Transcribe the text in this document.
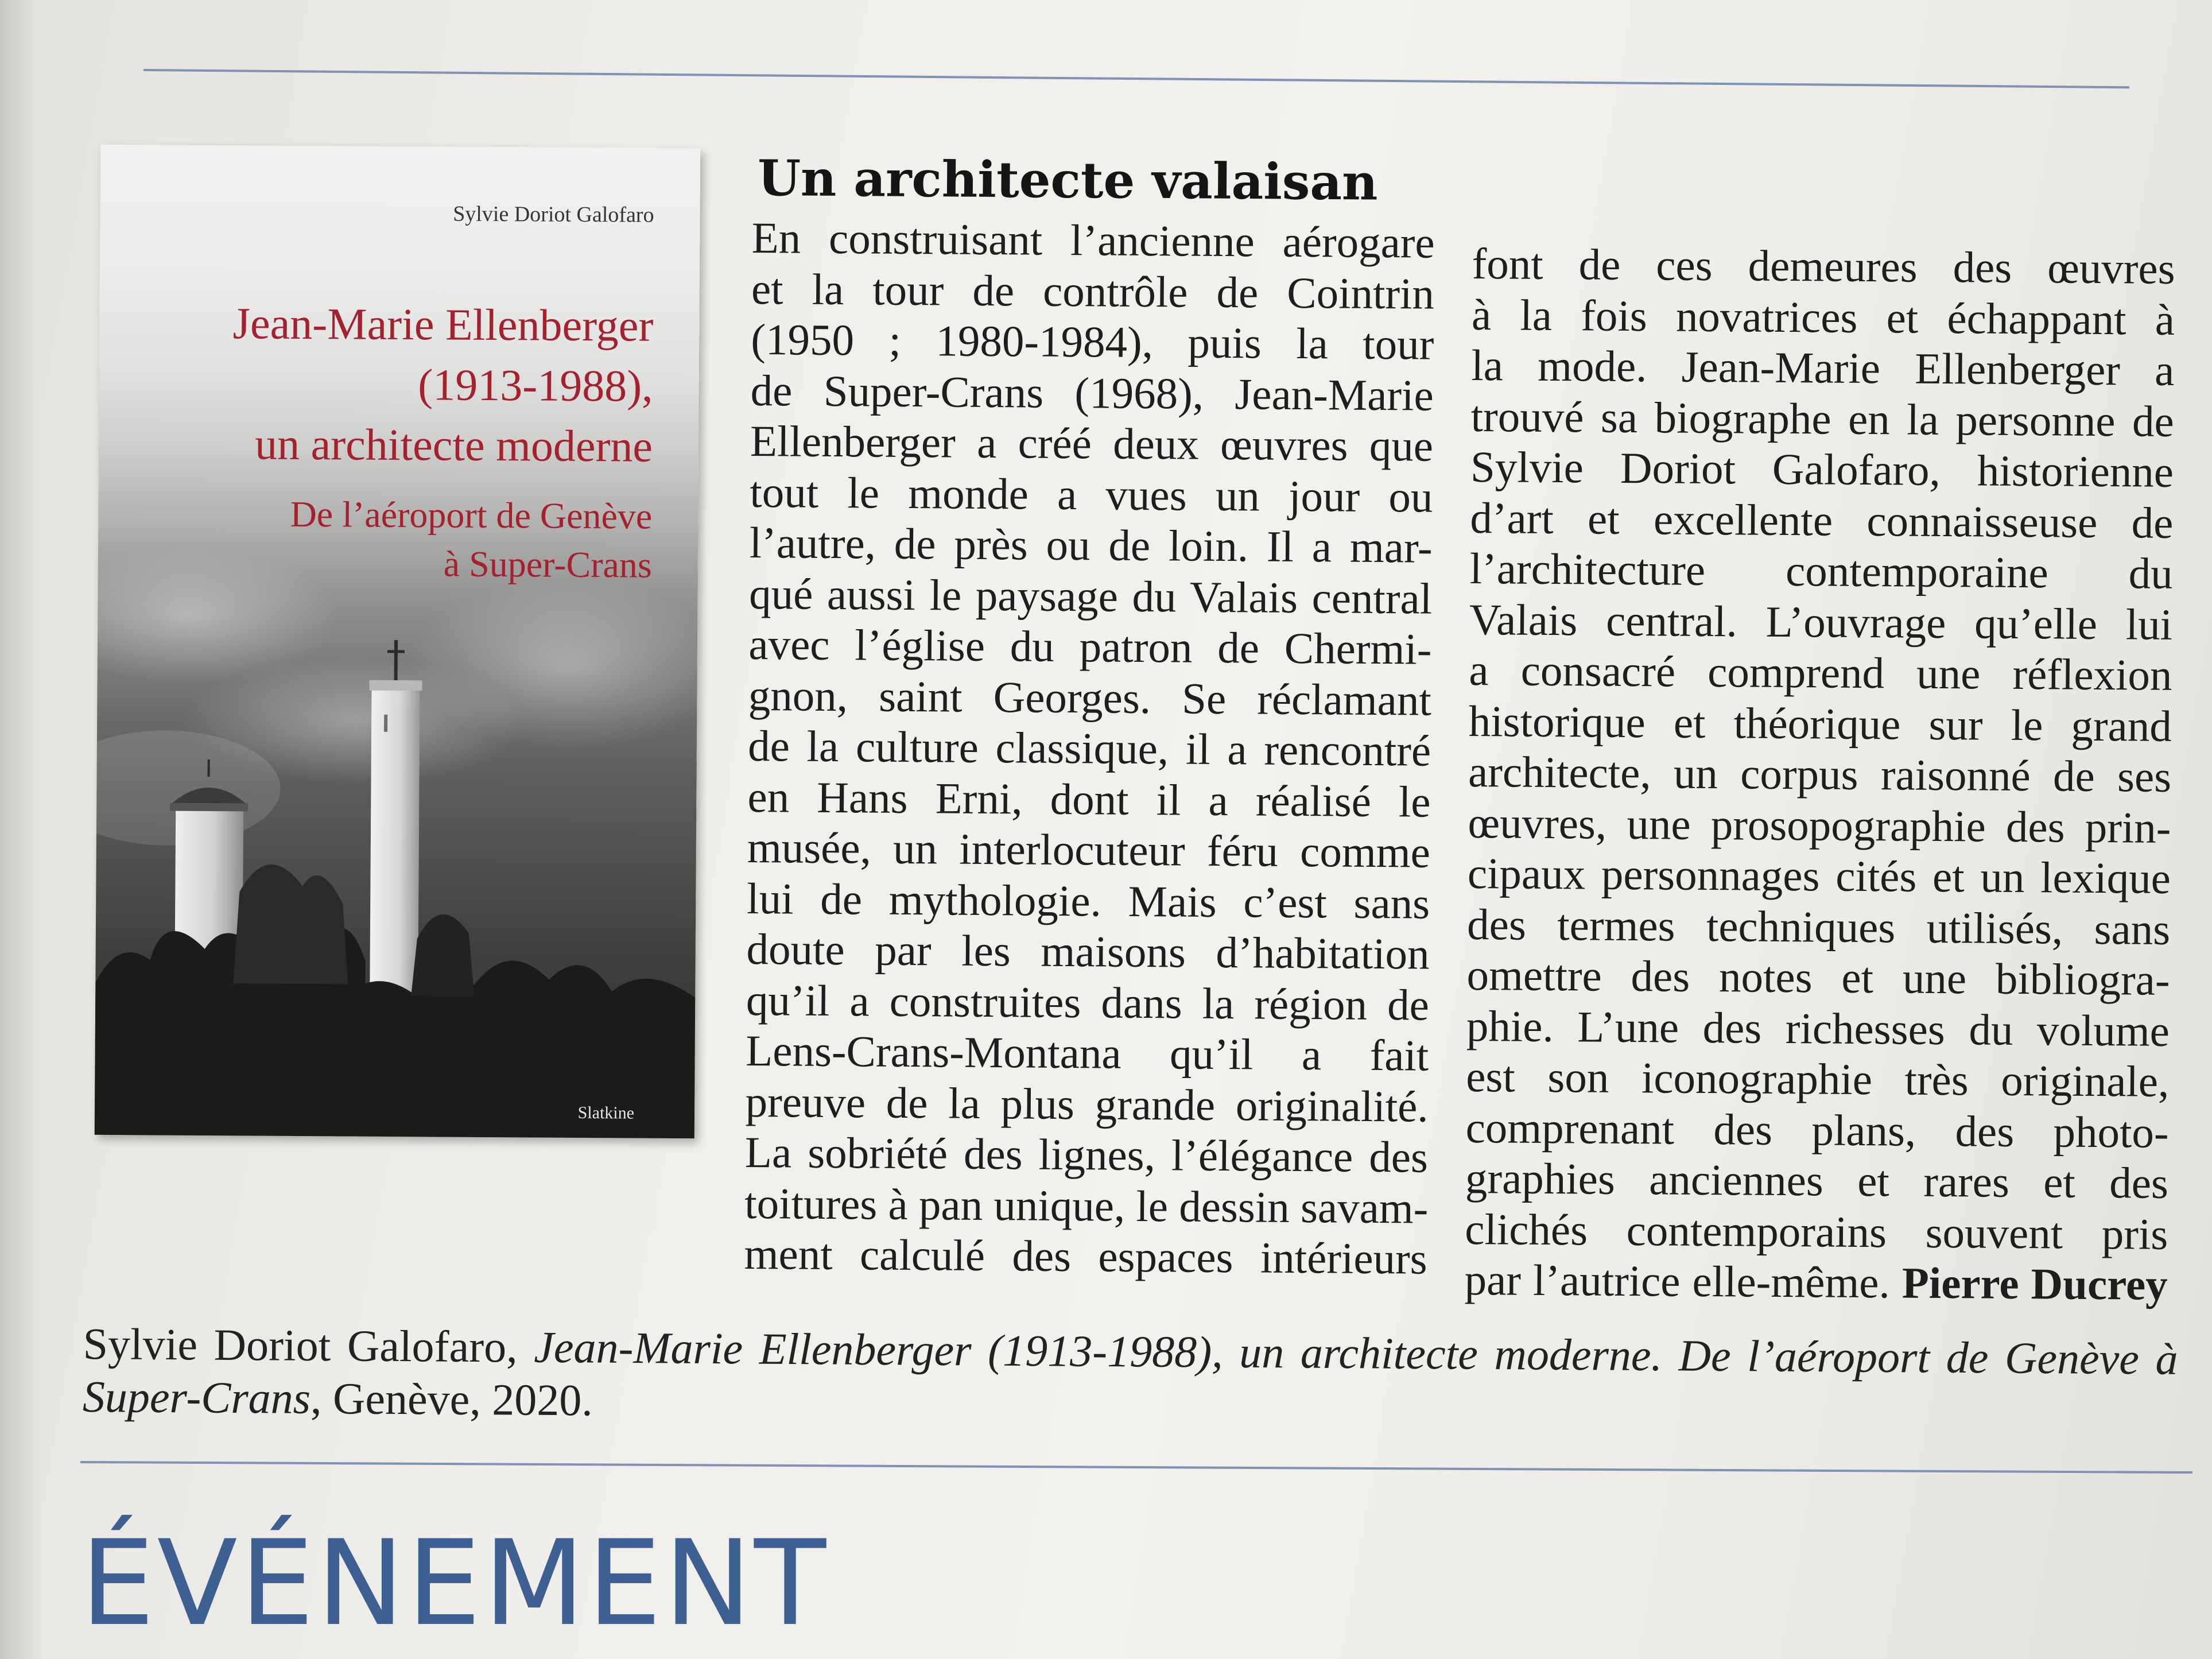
Sylvie Doriot Galofaro
Jean-Marie Ellenberger
(1913-1988),
un architecte moderne
De l’aéroport de Genève
à Super-Crans
Slatkine
Un architecte valaisan
En construisant l’ancienne aérogare
et la tour de contrôle de Cointrin
(1950 ; 1980-1984), puis la tour
de Super-Crans (1968), Jean-Marie
Ellenberger a créé deux œuvres que
tout le monde a vues un jour ou
l’autre, de près ou de loin. Il a mar-
qué aussi le paysage du Valais central
avec l’église du patron de Chermi-
gnon, saint Georges. Se réclamant
de la culture classique, il a rencontré
en Hans Erni, dont il a réalisé le
musée, un interlocuteur féru comme
lui de mythologie. Mais c’est sans
doute par les maisons d’habitation
qu’il a construites dans la région de
Lens-Crans-Montana qu’il a fait
preuve de la plus grande originalité.
La sobriété des lignes, l’élégance des
toitures à pan unique, le dessin savam-
ment calculé des espaces intérieurs
font de ces demeures des œuvres
à la fois novatrices et échappant à
la mode. Jean-Marie Ellenberger a
trouvé sa biographe en la personne de
Sylvie Doriot Galofaro, historienne
d’art et excellente connaisseuse de
l’architecture contemporaine du
Valais central. L’ouvrage qu’elle lui
a consacré comprend une réflexion
historique et théorique sur le grand
architecte, un corpus raisonné de ses
œuvres, une prosopographie des prin-
cipaux personnages cités et un lexique
des termes techniques utilisés, sans
omettre des notes et une bibliogra-
phie. L’une des richesses du volume
est son iconographie très originale,
comprenant des plans, des photo-
graphies anciennes et rares et des
clichés contemporains souvent pris
par l’autrice elle-même. Pierre Ducrey
Sylvie Doriot Galofaro, Jean-Marie Ellenberger (1913-1988), un architecte moderne. De l’aéroport de Genève à
Super-Crans, Genève, 2020.
ÉVÉNEMENT
